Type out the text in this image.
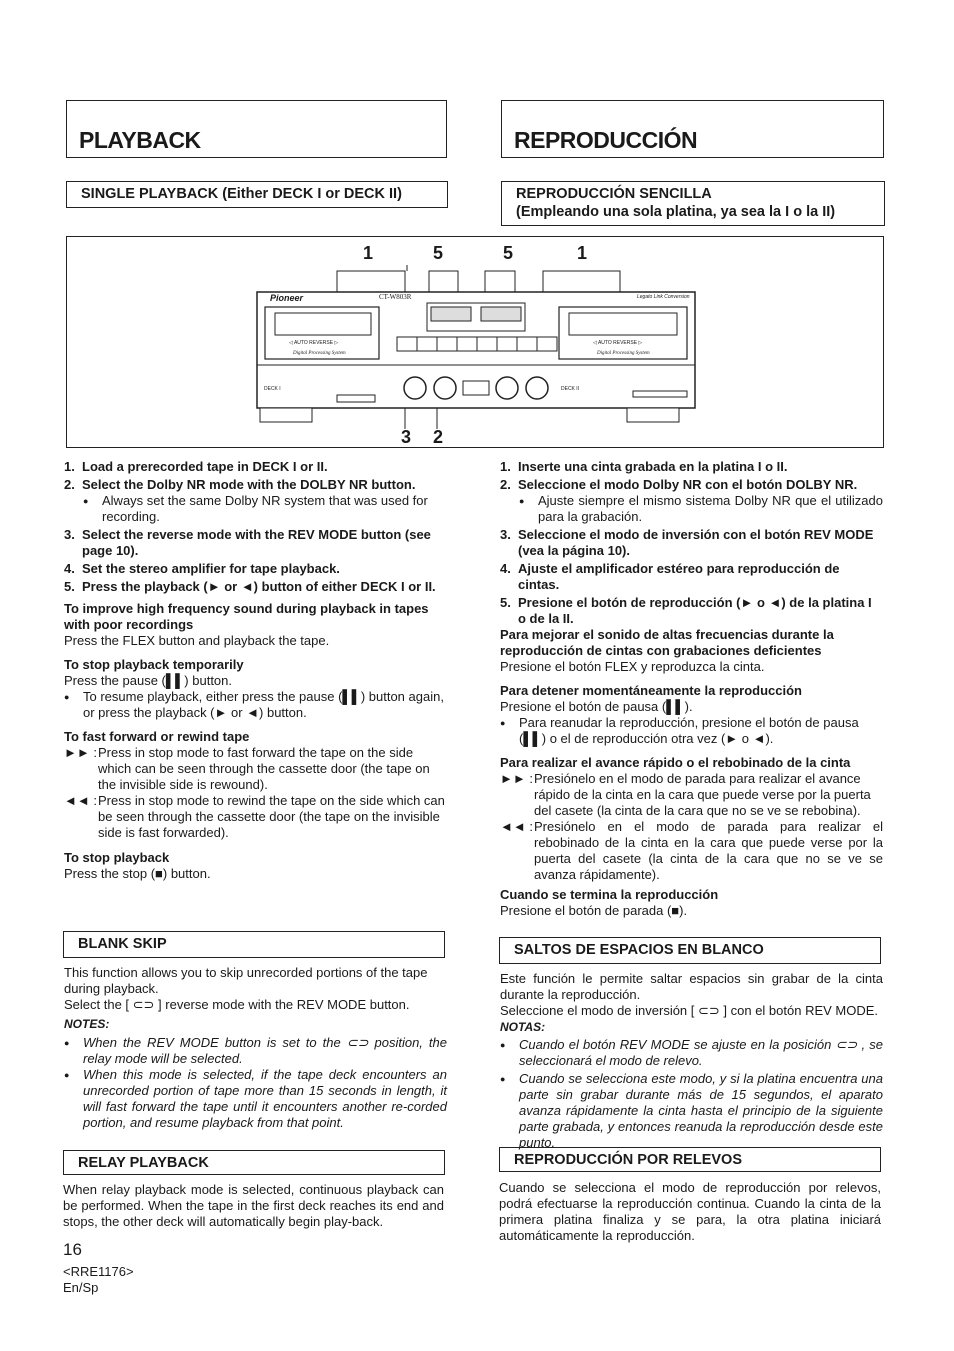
PLAYBACK	REPRODUCCIÓN
SINGLE PLAYBACK (Either DECK I or DECK II)	REPRODUCCIÓN SENCILLA
(Empleando una sola platina, ya sea la I o la II)
1	5	5	1
3 2
Pioneer	CT-W803R	Legato Link Conversion
◁ AUTO REVERSE ▷	◁ AUTO REVERSE ▷
Digital Processing System	Digital Processing System
DECK I	DECK II
1. Load a prerecorded tape in DECK I or II.
2. Select the Dolby NR mode with the DOLBY NR button.
● Always set the same Dolby NR system that was used for recording.
3. Select the reverse mode with the REV MODE button (see page 10).
4. Set the stereo amplifier for tape playback.
5. Press the playback (► or ◄) button of either DECK I or II.
To improve high frequency sound during playback in tapes with poor recordings
Press the FLEX button and playback the tape.
To stop playback temporarily
Press the pause (▌▌) button.
● To resume playback, either press the pause (▌▌) button again, or press the playback (► or ◄) button.
To fast forward or rewind tape
►► : Press in stop mode to fast forward the tape on the side which can be seen through the cassette door (the tape on the invisible side is rewound).
◄◄ : Press in stop mode to rewind the tape on the side which can be seen through the cassette door (the tape on the invisible side is fast forwarded).
To stop playback
Press the stop (■) button.
BLANK SKIP
This function allows you to skip unrecorded portions of the tape during playback.
Select the [ ⊂⊃ ] reverse mode with the REV MODE button.
NOTES:
● When the REV MODE button is set to the ⊂⊃ position, the relay mode will be selected.
● When this mode is selected, if the tape deck encounters an unrecorded portion of tape more than 15 seconds in length, it will fast forward the tape until it encounters another re-corded portion, and resume playback from that point.
RELAY PLAYBACK
When relay playback mode is selected, continuous playback can be performed. When the tape in the first deck reaches its end and stops, the other deck will automatically begin play-back.
1. Inserte una cinta grabada en la platina I o II.
2. Seleccione el modo Dolby NR con el botón DOLBY NR.
● Ajuste siempre el mismo sistema Dolby NR que el utilizado para la grabación.
3. Seleccione el modo de inversión con el botón REV MODE (vea la página 10).
4. Ajuste el amplificador estéreo para reproducción de cintas.
5. Presione el botón de reproducción (► o ◄) de la platina I o de la II.
Para mejorar el sonido de altas frecuencias durante la reproducción de cintas con grabaciones deficientes
Presione el botón FLEX y reproduzca la cinta.
Para detener momentáneamente la reproducción
Presione el botón de pausa (▌▌).
● Para reanudar la reproducción, presione el botón de pausa (▌▌) o el de reproducción otra vez (► o ◄).
Para realizar el avance rápido o el rebobinado de la cinta
►► : Presiónelo en el modo de parada para realizar el avance rápido de la cinta en la cara que puede verse por la puerta del casete (la cinta de la cara que no se ve se rebobina).
◄◄ : Presiónelo en el modo de parada para realizar el rebobinado de la cinta en la cara que puede verse por la puerta del casete (la cinta de la cara que no se ve se avanza rápidamente).
Cuando se termina la reproducción
Presione el botón de parada (■).
SALTOS DE ESPACIOS EN BLANCO
Este función le permite saltar espacios sin grabar de la cinta durante la reproducción.
Seleccione el modo de inversión [ ⊂⊃ ] con el botón REV MODE.
NOTAS:
● Cuando el botón REV MODE se ajuste en la posición ⊂⊃ , se seleccionará el modo de relevo.
● Cuando se selecciona este modo, y si la platina encuentra una parte sin grabar durante más de 15 segundos, el aparato avanza rápidamente la cinta hasta el principio de la siguiente parte grabada, y entonces reanuda la reproducción desde este punto.
REPRODUCCIÓN POR RELEVOS
Cuando se selecciona el modo de reproducción por relevos, podrá efectuarse la reproducción continua. Cuando la cinta de la primera platina finaliza y se para, la otra platina iniciará automáticamente la reproducción.
16
<RRE1176>
En/Sp
